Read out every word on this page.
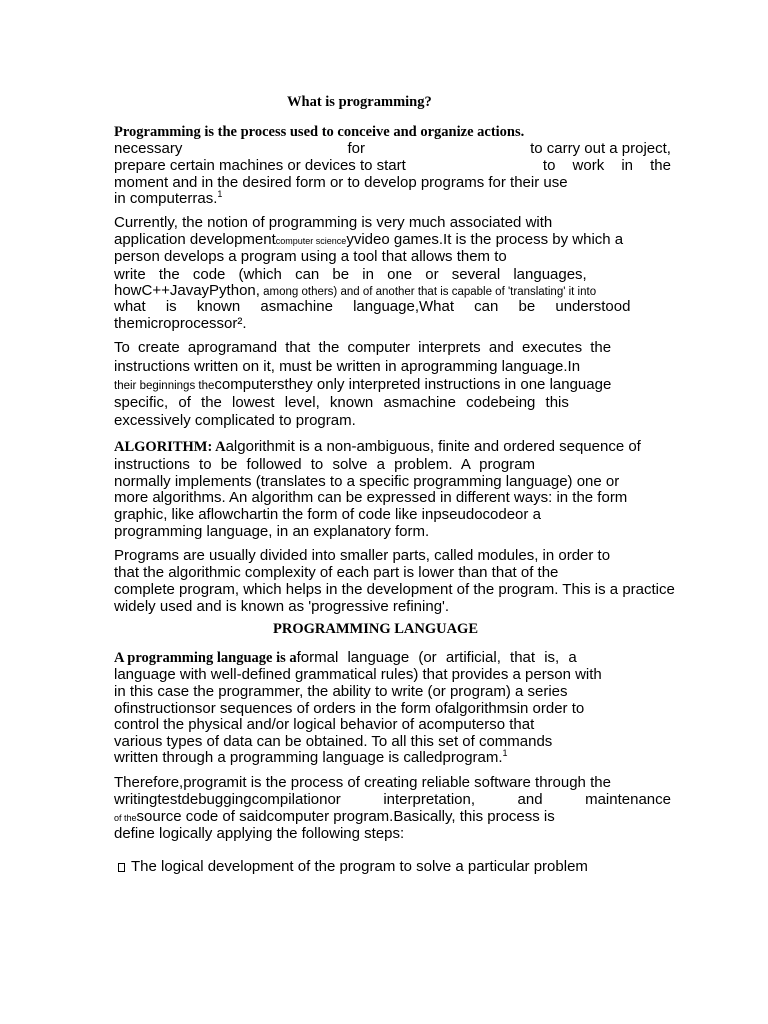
What is programming?
Programming is the process used to conceive and organize actions.
necessary	for	to carry out a project,
prepare certain machines or devices to start	to work in the
moment and in the desired form or to develop programs for their use
in computerras.$^1$
Currently, the notion of programming is very much associated with
application developmentcomputer scienceyvideo games.It is the process by which a
person develops a program using a tool that allows them to
write the code (which can be in one or several languages,
howC++JavayPython, among others) and of another that is capable of 'translating' it into
what is known asmachine language,What can be understood
themicroprocessor².
To create aprogramand that the computer interprets and executes the
instructions written on it, must be written in aprogramming language.In
their beginnings thecomputersthey only interpreted instructions in one language
specific, of the lowest level, known asmachine codebeing this
excessively complicated to program.
ALGORITHM: Aalgorithmit is a non-ambiguous, finite and ordered sequence of
instructions to be followed to solve a problem. A program
normally implements (translates to a specific programming language) one or
more algorithms. An algorithm can be expressed in different ways: in the form
graphic, like aflowchartin the form of code like inpseudocodeor a
programming language, in an explanatory form.
Programs are usually divided into smaller parts, called modules, in order to
that the algorithmic complexity of each part is lower than that of the
complete program, which helps in the development of the program. This is a practice
widely used and is known as 'progressive refining'.
PROGRAMMING LANGUAGE
A programming language is aformal language (or artificial, that is, a
language with well-defined grammatical rules) that provides a person with
in this case the programmer, the ability to write (or program) a series
ofinstructionsor sequences of orders in the form ofalgorithmsin order to
control the physical and/or logical behavior of acomputerso that
various types of data can be obtained. To all this set of commands
written through a programming language is calledprogram.$^1$
Therefore,programit is the process of creating reliable software through the
writingtestdebuggingcompilationor	interpretation,	and	maintenance
of thesource code of saidcomputer program.Basically, this process is
define logically applying the following steps:
The logical development of the program to solve a particular problem
